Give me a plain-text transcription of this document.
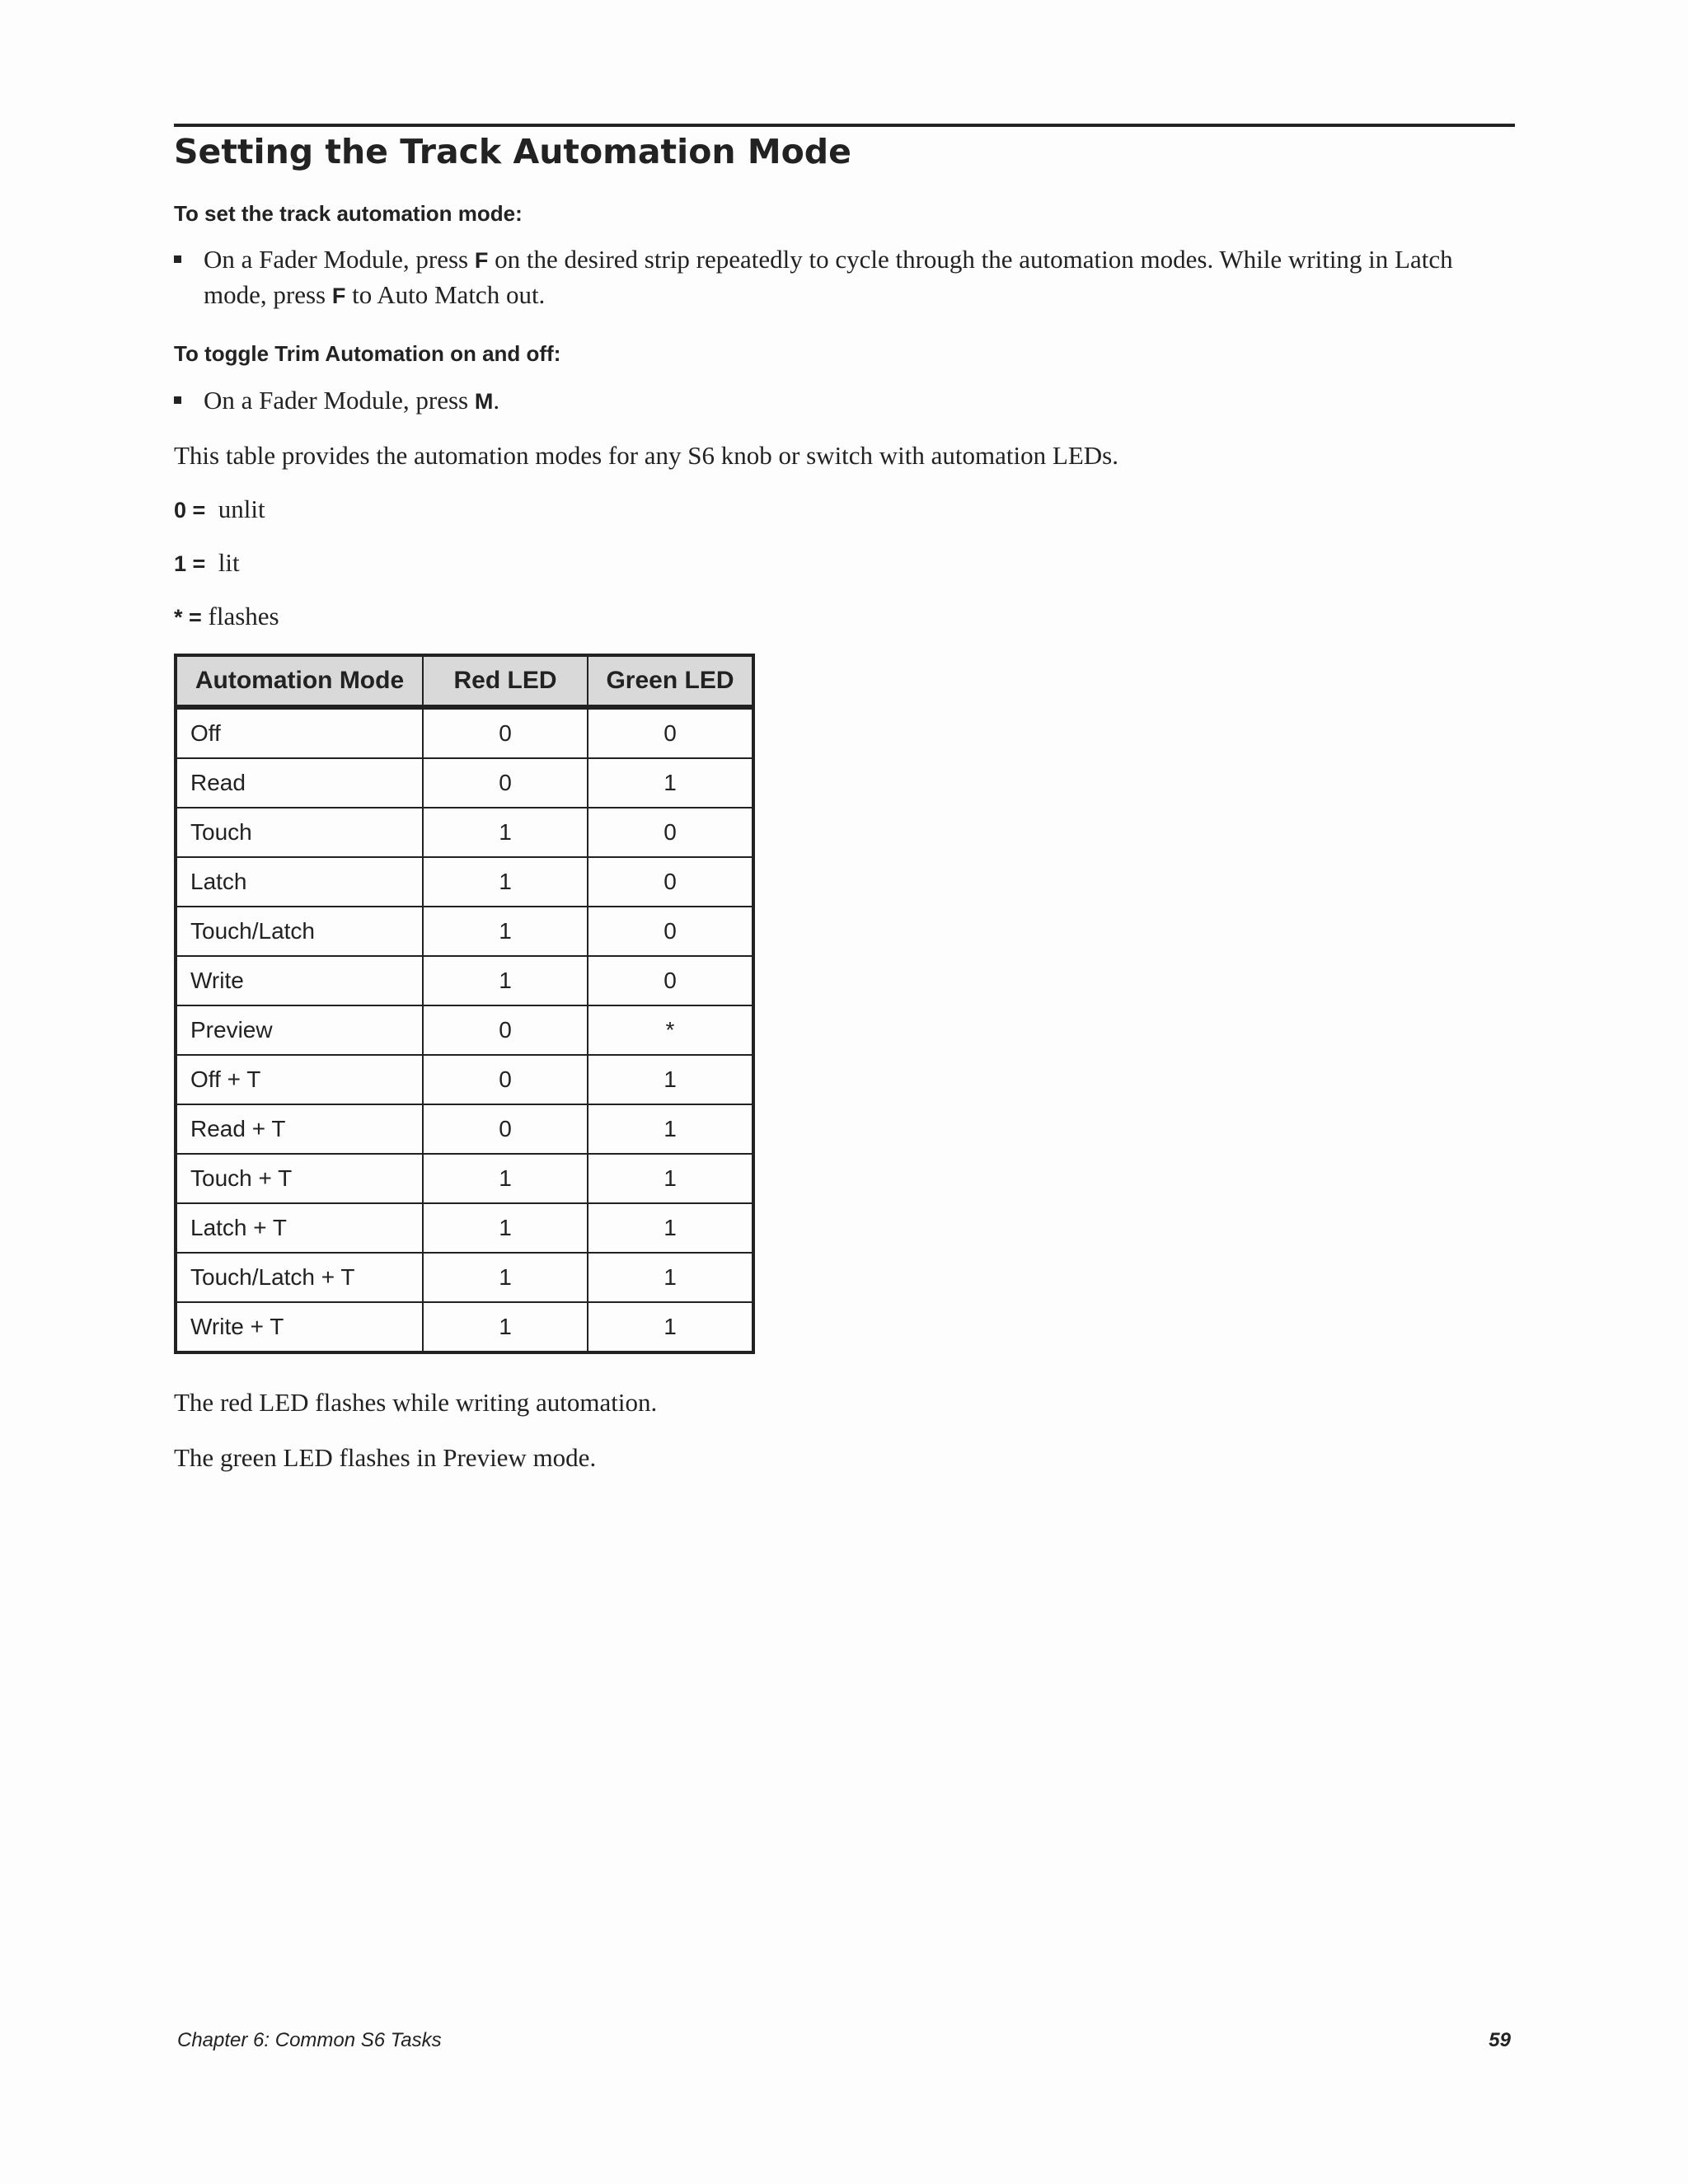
Setting the Track Automation Mode

To set the track automation mode:

On a Fader Module, press F on the desired strip repeatedly to cycle through the automation modes. While writing in Latch mode, press F to Auto Match out.

To toggle Trim Automation on and off:

On a Fader Module, press M.

This table provides the automation modes for any S6 knob or switch with automation LEDs.

0 = unlit

1 = lit

* = flashes

Automation Mode	Red LED	Green LED
Off	0	0
Read	0	1
Touch	1	0
Latch	1	0
Touch/Latch	1	0
Write	1	0
Preview	0	*
Off + T	0	1
Read + T	0	1
Touch + T	1	1
Latch + T	1	1
Touch/Latch + T	1	1
Write + T	1	1

The red LED flashes while writing automation.

The green LED flashes in Preview mode.

Chapter 6: Common S6 Tasks	59
